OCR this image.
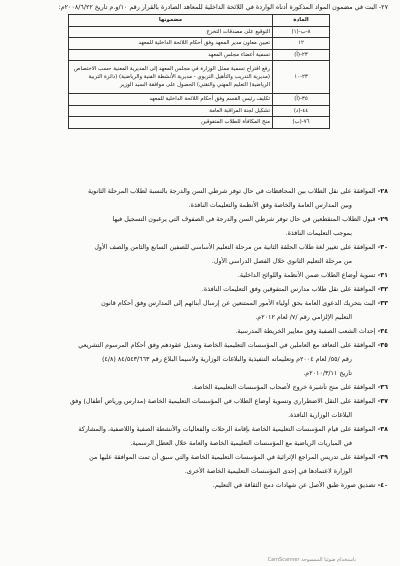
٢٧- البت في مضمون المواد المذكورة أدناه الواردة في اللائحة الداخلية للمعاهد الصادرة بالقرار رقم ١٠/و.م تاريخ ٢٠٠٨/٦/٢٢م:
المادة	مضمونها
٨-ب-(١)	التوقيع على مصدقات التخرج
١٢	تعيين معاون مدير المعهد وفق أحكام اللائحة الداخلية للمعهد
٢٣-(أ)	تسمية أعضاء مجلس المعهد
٢٣-١٠	رفع اقتراح تسمية ممثل الوزارة في مجلس المعهد إلى المديرية المعنية حسب الاختصاص (مديرية التدريب والتأهيل التربوي - مديرية الأنشطة الفنية والرياضية) (دائرة التربية الرياضية) التعليم المهني والتقني) الحصول على موافقة السيد الوزير
٣٥-(أ)	تكليف رئيس القسم وفق أحكام اللائحة الداخلية للمعهد
٤٤-(د)	تشكيل لجنة المراقبة العامة
٧٦-(ب)	منح المكافأة للطلاب المتفوقين
٢٨- الموافقة على نقل الطلاب بين المحافظات في حال توفر شرطي السن والدرجة بالنسبة لطلاب المرحلة الثانوية
وبين المدارس العامة والخاصة وفق الأنظمة والتعليمات النافذة.
٢٩- قبول الطلاب المنقطعين في حال توفر شرطي السن والدرجة في الصفوف التي يرغبون التسجيل فيها
بموجب التعليمات النافذة.
٣٠- الموافقة على تغيير لغة طلاب الحلقة الثانية من مرحلة التعليم الأساسي للصفين السابع والثامن والصف الأول
من مرحلة التعليم الثانوي خلال الفصل الدراسي الأول.
٣١- تسوية أوضاع الطلاب ضمن الأنظمة واللوائح الداخلية.
٣٢- الموافقة على نقل طلاب مدارس المتفوقين وفق التعليمات النافذة.
٣٣- البت بتحريك الدعوى العامة بحق أولياء الأمور الممتنعين عن إرسال أبنائهم إلى المدارس وفق أحكام قانون
التعليم الإلزامي رقم /٧/ لعام ٢٠١٢م.
٣٤- إحداث الشعب الصفية وفق معايير الخريطة المدرسية.
٣٥- الموافقة على التعاقد مع العاملين في المؤسسات التعليمية الخاصة وتعديل عقودهم وفق أحكام المرسوم التشريعي
رقم /٥٥/ لعام ٢٠٠٤م وتعليماته التنفيذية والبلاغات الوزارية ولاسيما البلاغ رقم ٨٤/٥٤٣/٦٦٣ (٤/٨)
تاريخ ٢٠١٠/٣/١١م.
٣٦- الموافقة على منح تأشيرة خروج لأصحاب المؤسسات التعليمية الخاصة.
٣٧- الموافقة على النقل الاضطراري وتسوية أوضاع الطلاب في المؤسسات التعليمية الخاصة (مدارس ورياض أطفال) وفق
البلاغات الوزارية النافذة.
٣٨- الموافقة على قيام المؤسسات التعليمية الخاصة بإقامة الرحلات والفعاليات والأنشطة الصفية واللاصفية، والمشاركة
في المباريات الرياضية مع المؤسسات التعليمية الخاصة والعامة خلال العطل الرسمية.
٣٩- الموافقة على تدريس المراجع الإثرائية في المؤسسات التعليمية الخاصة والتي سبق أن تمت الموافقة عليها من
الوزارة لاعتمادها في إحدى المؤسسات التعليمية الخاصة الأخرى.
٤٠- تصديق صورة طبق الأصل عن شهادات دمج الثقافة في التعليم.
CamScanner باستخدام ضوئيا الممسوحة
